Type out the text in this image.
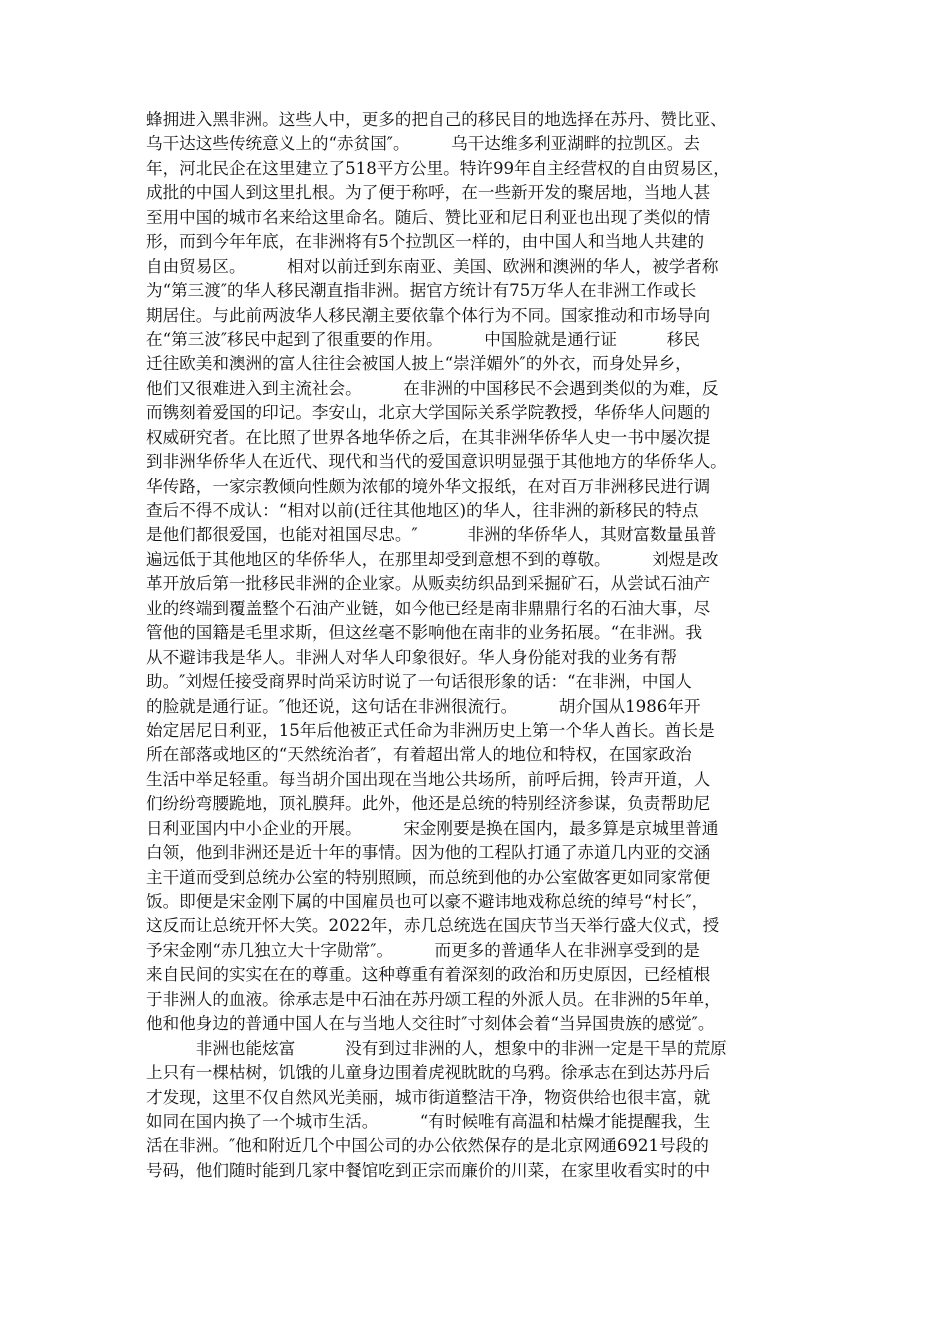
蜂拥进入黑非洲。这些人中，更多的把自己的移民目的地选择在苏丹、赞比亚、
乌干达这些传统意义上的“赤贫国″。　　　乌干达维多利亚湖畔的拉凯区。去
年，河北民企在这里建立了518平方公里。特许99年自主经营权的自由贸易区，
成批的中国人到这里扎根。为了便于称呼，在一些新开发的聚居地，当地人甚
至用中国的城市名来给这里命名。随后、赞比亚和尼日利亚也出现了类似的情
形，而到今年年底，在非洲将有5个拉凯区一样的，由中国人和当地人共建的
自由贸易区。　　　相对以前迁到东南亚、美国、欧洲和澳洲的华人，被学者称
为“第三渡″的华人移民潮直指非洲。据官方统计有75万华人在非洲工作或长
期居住。与此前两波华人移民潮主要依靠个体行为不同。国家推动和市场导向
在“第三波″移民中起到了很重要的作用。　　　中国脸就是通行证　　　移民
迁往欧美和澳洲的富人往往会被国人披上“崇洋媚外″的外衣，而身处异乡，
他们又很难进入到主流社会。　　　在非洲的中国移民不会遇到类似的为难，反
而镌刻着爱国的印记。李安山，北京大学国际关系学院教授，华侨华人问题的
权威研究者。在比照了世界各地华侨之后，在其非洲华侨华人史一书中屡次提
到非洲华侨华人在近代、现代和当代的爱国意识明显强于其他地方的华侨华人。
华传路，一家宗教倾向性颇为浓郁的境外华文报纸，在对百万非洲移民进行调
查后不得不成认：“相对以前(迁往其他地区)的华人，往非洲的新移民的特点
是他们都很爱国，也能对祖国尽忠。″　　　非洲的华侨华人，其财富数量虽普
遍远低于其他地区的华侨华人，在那里却受到意想不到的尊敬。　　　刘煜是改
革开放后第一批移民非洲的企业家。从贩卖纺织品到采掘矿石，从尝试石油产
业的终端到覆盖整个石油产业链，如今他已经是南非鼎鼎行名的石油大事，尽
管他的国籍是毛里求斯，但这丝毫不影响他在南非的业务拓展。“在非洲。我
从不避讳我是华人。非洲人对华人印象很好。华人身份能对我的业务有帮
助。″刘煜任接受商界时尚采访时说了一句话很形象的话：“在非洲，中国人
的脸就是通行证。″他还说，这句话在非洲很流行。　　　胡介国从1986年开
始定居尼日利亚，15年后他被正式任命为非洲历史上第一个华人酋长。酋长是
所在部落或地区的“天然统治者″，有着超出常人的地位和特权，在国家政治
生活中举足轻重。每当胡介国出现在当地公共场所，前呼后拥，铃声开道，人
们纷纷弯腰跪地，顶礼膜拜。此外，他还是总统的特别经济参谋，负责帮助尼
日利亚国内中小企业的开展。　　　宋金刚要是换在国内，最多算是京城里普通
白领，他到非洲还是近十年的事情。因为他的工程队打通了赤道几内亚的交涵
主干道而受到总统办公室的特别照顾，而总统到他的办公室做客更如同家常便
饭。即便是宋金刚下属的中国雇员也可以豪不避讳地戏称总统的绰号“村长″，
这反而让总统开怀大笑。2022年，赤几总统选在国庆节当天举行盛大仪式，授
予宋金刚“赤几独立大十字勋常″。　　　而更多的普通华人在非洲享受到的是
来自民间的实实在在的尊重。这种尊重有着深刻的政治和历史原因，已经植根
于非洲人的血液。徐承志是中石油在苏丹颂工程的外派人员。在非洲的5年单，
他和他身边的普通中国人在与当地人交往时″寸刻体会着“当异国贵族的感觉″。
　　　非洲也能炫富　　　没有到过非洲的人，想象中的非洲一定是干旱的荒原
上只有一棵枯树，饥饿的儿童身边围着虎视眈眈的乌鸦。徐承志在到达苏丹后
才发现，这里不仅自然风光美丽，城市街道整洁干净，物资供给也很丰富，就
如同在国内换了一个城市生活。　　　“有时候唯有高温和枯燥才能提醒我，生
活在非洲。″他和附近几个中国公司的办公依然保存的是北京网通6921号段的
号码，他们随时能到几家中餐馆吃到正宗而廉价的川菜，在家里收看实时的中
